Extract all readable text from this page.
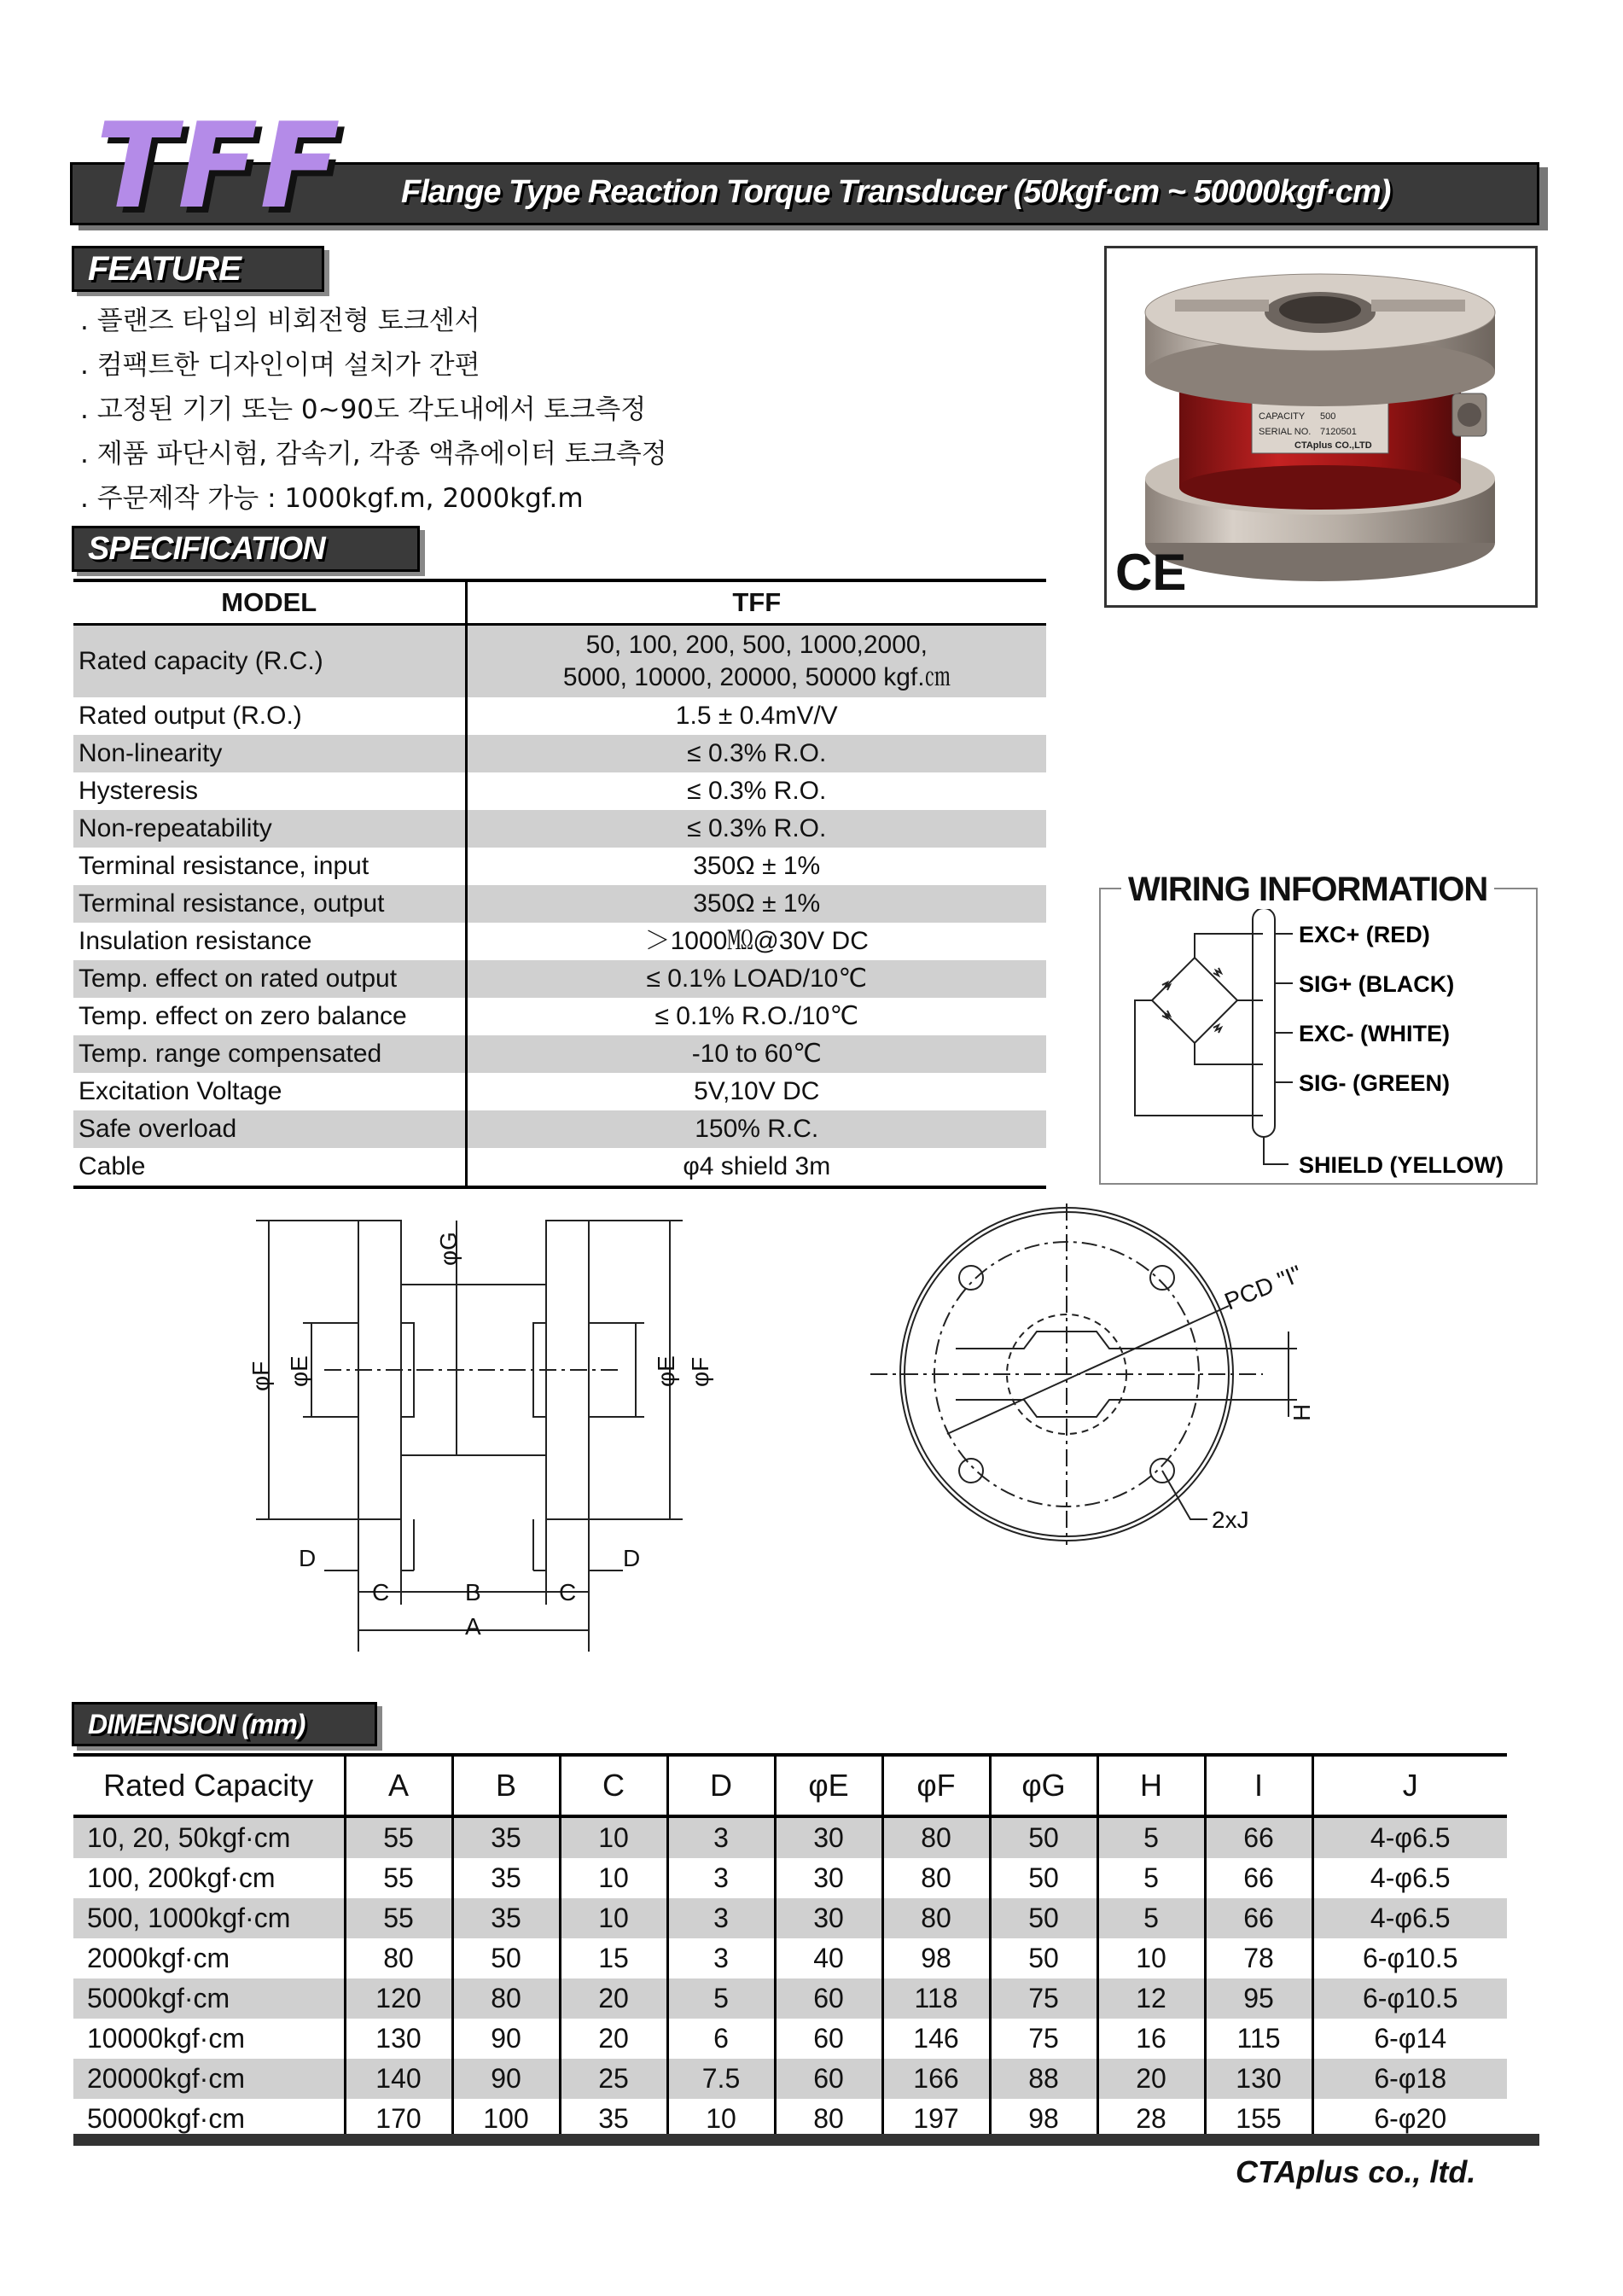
TFF Flange Type Reaction Torque Transducer (50kgf·cm ~ 50000kgf·cm)
FEATURE
. 플랜즈 타입의 비회전형 토크센서
. 컴팩트한 디자인이며 설치가 간편
. 고정된 기기 또는 0~90도 각도내에서 토크측정
. 제품 파단시험, 감속기, 각종 액츄에이터 토크측정
. 주문제작 가능 : 1000kgf.m, 2000kgf.m
CAPACITY 500
SERIAL NO. 7120501
CTAplus CO.,LTD
CE
SPECIFICATION
MODEL	TFF
Rated capacity (R.C.)	50, 100, 200, 500, 1000,2000,
5000, 10000, 20000, 50000 kgf.㎝

Rated output (R.O.)	1.5 ± 0.4mV/V
Non-linearity	≤ 0.3% R.O.
Hysteresis	≤ 0.3% R.O.
Non-repeatability	≤ 0.3% R.O.
Terminal resistance, input	350Ω ± 1%
Terminal resistance, output	350Ω ± 1%
Insulation resistance	＞1000㏁@30V DC
Temp. effect on rated output	≤ 0.1% LOAD/10℃
Temp. effect on zero balance	≤ 0.1% R.O./10℃
Temp. range compensated	-10 to 60℃
Excitation Voltage	5V,10V DC
Safe overload	150% R.C.
Cable	φ4 shield 3m
EXC+ (RED)
SIG+ (BLACK)
EXC- (WHITE)
SIG- (GREEN)
SHIELD (YELLOW)
WIRING INFORMATION
φG
φF φE	φE φF
D	D
C	B	C
A
PCD "I"
H
2xJ
DIMENSION (mm)
Rated Capacity	A	B	C	D	φE	φF	φG	H	I	J
10, 20, 50kgf·cm	55	35	10	3	30	80	50	5	66	4-φ6.5
100, 200kgf·cm	55	35	10	3	30	80	50	5	66	4-φ6.5
500, 1000kgf·cm	55	35	10	3	30	80	50	5	66	4-φ6.5
2000kgf·cm	80	50	15	3	40	98	50	10	78	6-φ10.5
5000kgf·cm	120	80	20	5	60	118	75	12	95	6-φ10.5
10000kgf·cm	130	90	20	6	60	146	75	16	115	6-φ14
20000kgf·cm	140	90	25	7.5	60	166	88	20	130	6-φ18
50000kgf·cm	170	100	35	10	80	197	98	28	155	6-φ20
CTAplus co., ltd.
